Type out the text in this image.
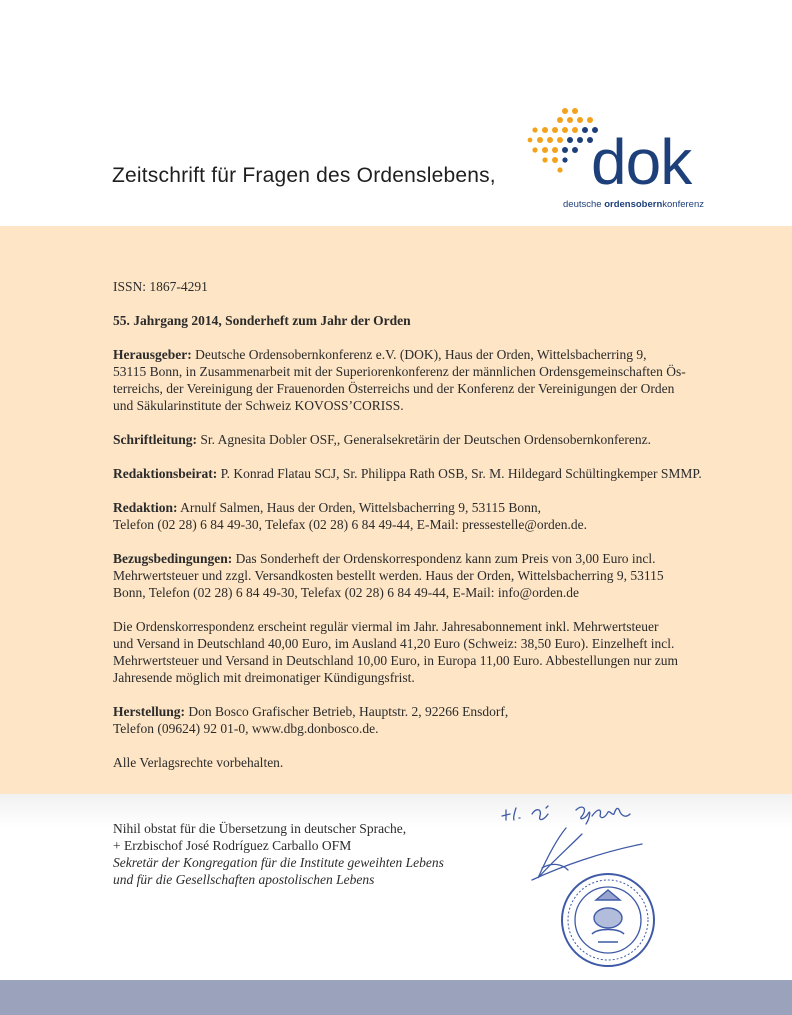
Zeitschrift für Fragen des Ordenslebens, dok
deutsche ordensobernkonferenz

ISSN: 1867-4291

55. Jahrgang 2014, Sonderheft zum Jahr der Orden

Herausgeber: Deutsche Ordensobernkonferenz e.V. (DOK), Haus der Orden, Wittelsbacherring 9,
53115 Bonn, in Zusammenarbeit mit der Superiorenkonferenz der männlichen Ordensgemeinschaften Ös-
terreichs, der Vereinigung der Frauenorden Österreichs und der Konferenz der Vereinigungen der Orden
und Säkularinstitute der Schweiz KOVOSS’CORISS.

Schriftleitung: Sr. Agnesita Dobler OSF,, Generalsekretärin der Deutschen Ordensobernkonferenz.

Redaktionsbeirat: P. Konrad Flatau SCJ, Sr. Philippa Rath OSB, Sr. M. Hildegard Schültingkemper SMMP.

Redaktion: Arnulf Salmen, Haus der Orden, Wittelsbacherring 9, 53115 Bonn,
Telefon (02 28) 6 84 49-30, Telefax (02 28) 6 84 49-44, E-Mail: pressestelle@orden.de.

Bezugsbedingungen: Das Sonderheft der Ordenskorrespondenz kann zum Preis von 3,00 Euro incl.
Mehrwertsteuer und zzgl. Versandkosten bestellt werden. Haus der Orden, Wittelsbacherring 9, 53115
Bonn, Telefon (02 28) 6 84 49-30, Telefax (02 28) 6 84 49-44, E-Mail: info@orden.de

Die Ordenskorrespondenz erscheint regulär viermal im Jahr. Jahresabonnement inkl. Mehrwertsteuer
und Versand in Deutschland 40,00 Euro, im Ausland 41,20 Euro (Schweiz: 38,50 Euro). Einzelheft incl.
Mehrwertsteuer und Versand in Deutschland 10,00 Euro, in Europa 11,00 Euro. Abbestellungen nur zum
Jahresende möglich mit dreimonatiger Kündigungsfrist.

Herstellung: Don Bosco Grafischer Betrieb, Hauptstr. 2, 92266 Ensdorf,
Telefon (09624) 92 01-0, www.dbg.donbosco.de.

Alle Verlagsrechte vorbehalten.

Nihil obstat für die Übersetzung in deutscher Sprache,
+ Erzbischof José Rodríguez Carballo OFM
Sekretär der Kongregation für die Institute geweihten Lebens
und für die Gesellschaften apostolischen Lebens
